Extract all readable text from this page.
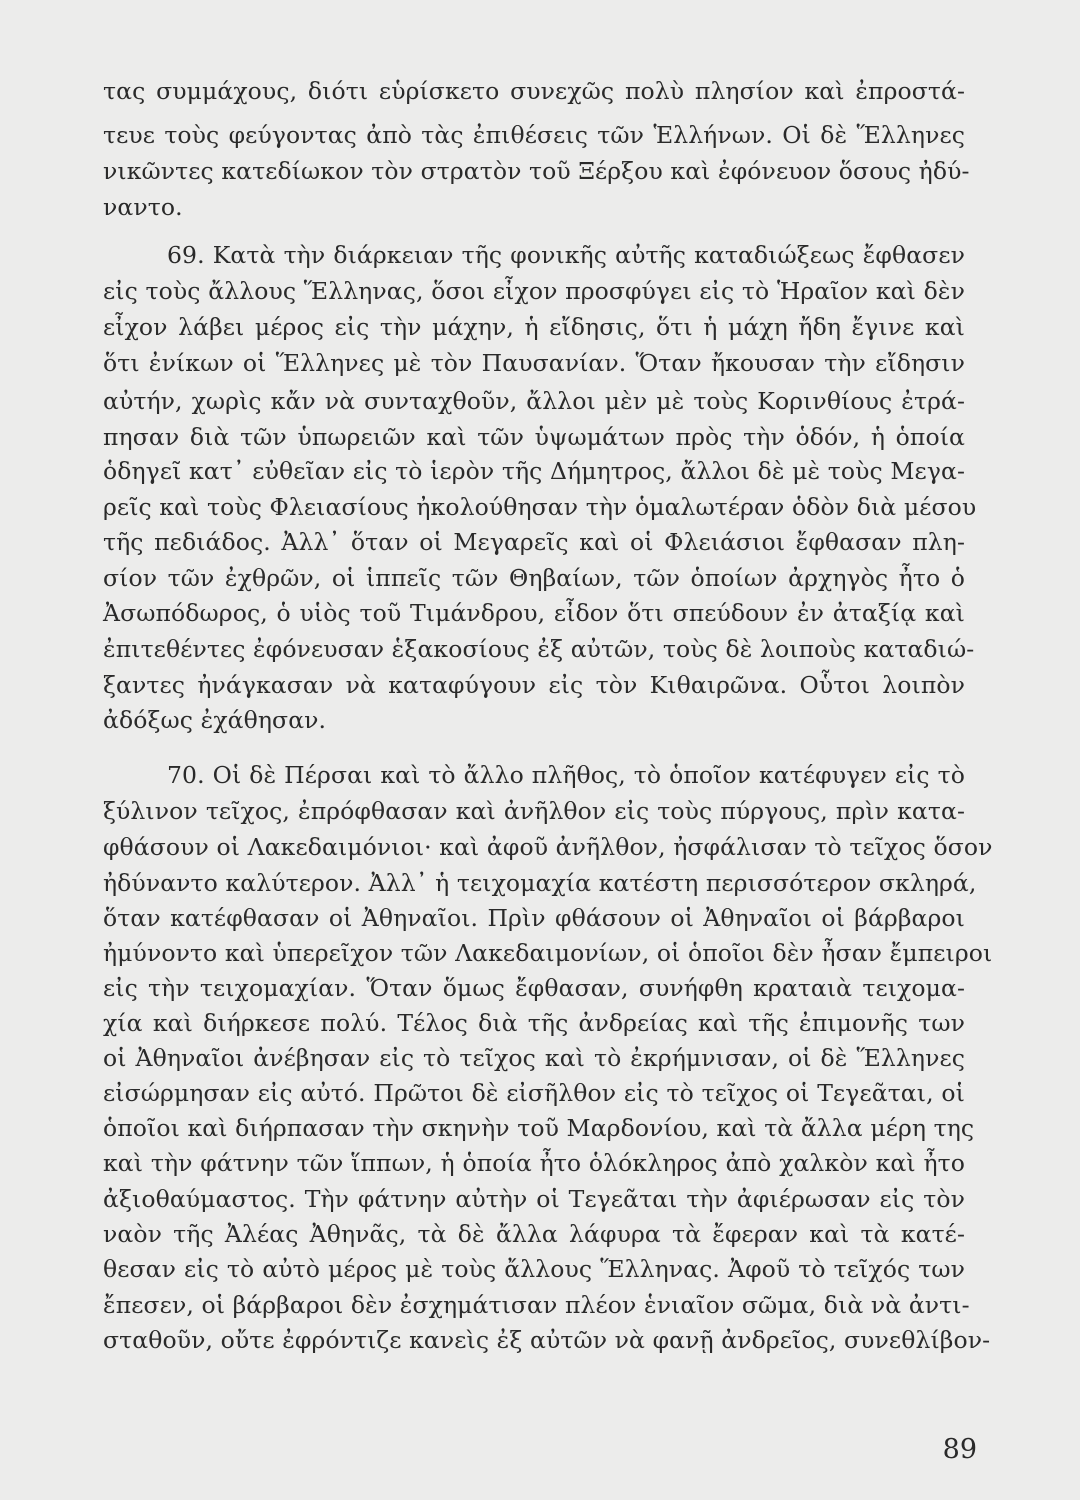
τας συμμάχους, διότι εὑρίσκετο συνεχῶς πολὺ πλησίον καὶ ἐπροστά-
τευε τοὺς φεύγοντας ἀπὸ τὰς ἐπιθέσεις τῶν Ἑλλήνων. Οἱ δὲ Ἕλληνες
νικῶντες κατεδίωκον τὸν στρατὸν τοῦ Ξέρξου καὶ ἐφόνευον ὅσους ἠδύ-
ναντο.
69. Κατὰ τὴν διάρκειαν τῆς φονικῆς αὐτῆς καταδιώξεως ἔφθασεν
εἰς τοὺς ἄλλους Ἕλληνας, ὅσοι εἶχον προσφύγει εἰς τὸ Ἡραῖον καὶ δὲν
εἶχον λάβει μέρος εἰς τὴν μάχην, ἡ εἴδησις, ὅτι ἡ μάχη ἤδη ἔγινε καὶ
ὅτι ἐνίκων οἱ Ἕλληνες μὲ τὸν Παυσανίαν. Ὅταν ἤκουσαν τὴν εἴδησιν
αὐτήν, χωρὶς κἄν νὰ συνταχθοῦν, ἄλλοι μὲν μὲ τοὺς Κορινθίους ἐτρά-
πησαν διὰ τῶν ὑπωρειῶν καὶ τῶν ὑψωμάτων πρὸς τὴν ὁδόν, ἡ ὁποία
ὁδηγεῖ κατ᾽ εὐθεῖαν εἰς τὸ ἱερὸν τῆς Δήμητρος, ἄλλοι δὲ μὲ τοὺς Μεγα-
ρεῖς καὶ τοὺς Φλειασίους ἠκολούθησαν τὴν ὁμαλωτέραν ὁδὸν διὰ μέσου
τῆς πεδιάδος. Ἀλλ᾽ ὅταν οἱ Μεγαρεῖς καὶ οἱ Φλειάσιοι ἔφθασαν πλη-
σίον τῶν ἐχθρῶν, οἱ ἱππεῖς τῶν Θηβαίων, τῶν ὁποίων ἀρχηγὸς ἦτο ὁ
Ἀσωπόδωρος, ὁ υἱὸς τοῦ Τιμάνδρου, εἶδον ὅτι σπεύδουν ἐν ἀταξίᾳ καὶ
ἐπιτεθέντες ἐφόνευσαν ἑξακοσίους ἐξ αὐτῶν, τοὺς δὲ λοιποὺς καταδιώ-
ξαντες ἠνάγκασαν νὰ καταφύγουν εἰς τὸν Κιθαιρῶνα. Οὗτοι λοιπὸν
ἀδόξως ἐχάθησαν.
70. Οἱ δὲ Πέρσαι καὶ τὸ ἄλλο πλῆθος, τὸ ὁποῖον κατέφυγεν εἰς τὸ
ξύλινον τεῖχος, ἐπρόφθασαν καὶ ἀνῆλθον εἰς τοὺς πύργους, πρὶν κατα-
φθάσουν οἱ Λακεδαιμόνιοι· καὶ ἀφοῦ ἀνῆλθον, ἠσφάλισαν τὸ τεῖχος ὅσον
ἠδύναντο καλύτερον. Ἀλλ᾽ ἡ τειχομαχία κατέστη περισσότερον σκληρά,
ὅταν κατέφθασαν οἱ Ἀθηναῖοι. Πρὶν φθάσουν οἱ Ἀθηναῖοι οἱ βάρβαροι
ἠμύνοντο καὶ ὑπερεῖχον τῶν Λακεδαιμονίων, οἱ ὁποῖοι δὲν ἦσαν ἔμπειροι
εἰς τὴν τειχομαχίαν. Ὅταν ὅμως ἔφθασαν, συνήφθη κραταιὰ τειχομα-
χία καὶ διήρκεσε πολύ. Τέλος διὰ τῆς ἀνδρείας καὶ τῆς ἐπιμονῆς των
οἱ Ἀθηναῖοι ἀνέβησαν εἰς τὸ τεῖχος καὶ τὸ ἐκρήμνισαν, οἱ δὲ Ἕλληνες
εἰσώρμησαν εἰς αὐτό. Πρῶτοι δὲ εἰσῆλθον εἰς τὸ τεῖχος οἱ Τεγεᾶται, οἱ
ὁποῖοι καὶ διήρπασαν τὴν σκηνὴν τοῦ Μαρδονίου, καὶ τὰ ἄλλα μέρη της
καὶ τὴν φάτνην τῶν ἵππων, ἡ ὁποία ἦτο ὁλόκληρος ἀπὸ χαλκὸν καὶ ἦτο
ἀξιοθαύμαστος. Τὴν φάτνην αὐτὴν οἱ Τεγεᾶται τὴν ἀφιέρωσαν εἰς τὸν
ναὸν τῆς Ἀλέας Ἀθηνᾶς, τὰ δὲ ἄλλα λάφυρα τὰ ἔφεραν καὶ τὰ κατέ-
θεσαν εἰς τὸ αὐτὸ μέρος μὲ τοὺς ἄλλους Ἕλληνας. Ἀφοῦ τὸ τεῖχός των
ἔπεσεν, οἱ βάρβαροι δὲν ἐσχημάτισαν πλέον ἑνιαῖον σῶμα, διὰ νὰ ἀντι-
σταθοῦν, οὔτε ἐφρόντιζε κανεὶς ἐξ αὐτῶν νὰ φανῇ ἀνδρεῖος, συνεθλίβον-
89
